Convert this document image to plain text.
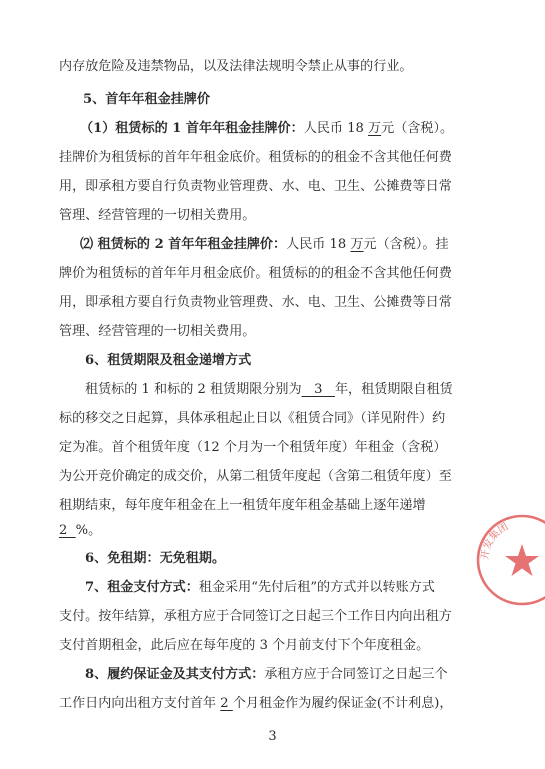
内存放危险及违禁物品，以及法律法规明令禁止从事的行业。
5、首年年租金挂牌价
（1）租赁标的 1 首年年租金挂牌价：人民币 18 万元（含税）。
挂牌价为租赁标的首年年租金底价。租赁标的的租金不含其他任何费
用，即承租方要自行负责物业管理费、水、电、卫生、公摊费等日常
管理、经营管理的一切相关费用。
⑵ 租赁标的 2 首年年租金挂牌价：人民币 18 万元（含税）。挂
牌价为租赁标的首年年月租金底价。租赁标的的租金不含其他任何费
用，即承租方要自行负责物业管理费、水、电、卫生、公摊费等日常
管理、经营管理的一切相关费用。
6、租赁期限及租金递增方式
租赁标的 1 和标的 2 租赁期限分别为   3   年，租赁期限自租赁
标的移交之日起算，具体承租起止日以《租赁合同》（详见附件）约
定为准。首个租赁年度（12 个月为一个租赁年度）年租金（含税）
为公开竞价确定的成交价，从第二租赁年度起（含第二租赁年度）至
租期结束，每年度年租金在上一租赁年度年租金基础上逐年递增
2  %。
6、免租期：无免租期。
7、租金支付方式：租金采用“先付后租”的方式并以转账方式
支付。按年结算，承租方应于合同签订之日起三个工作日内向出租方
支付首期租金，此后应在每年度的 3 个月前支付下个年度租金。
8、履约保证金及其支付方式：承租方应于合同签订之日起三个
工作日内向出租方支付首年 2 个月租金作为履约保证金(不计利息)，
3
开发集团
